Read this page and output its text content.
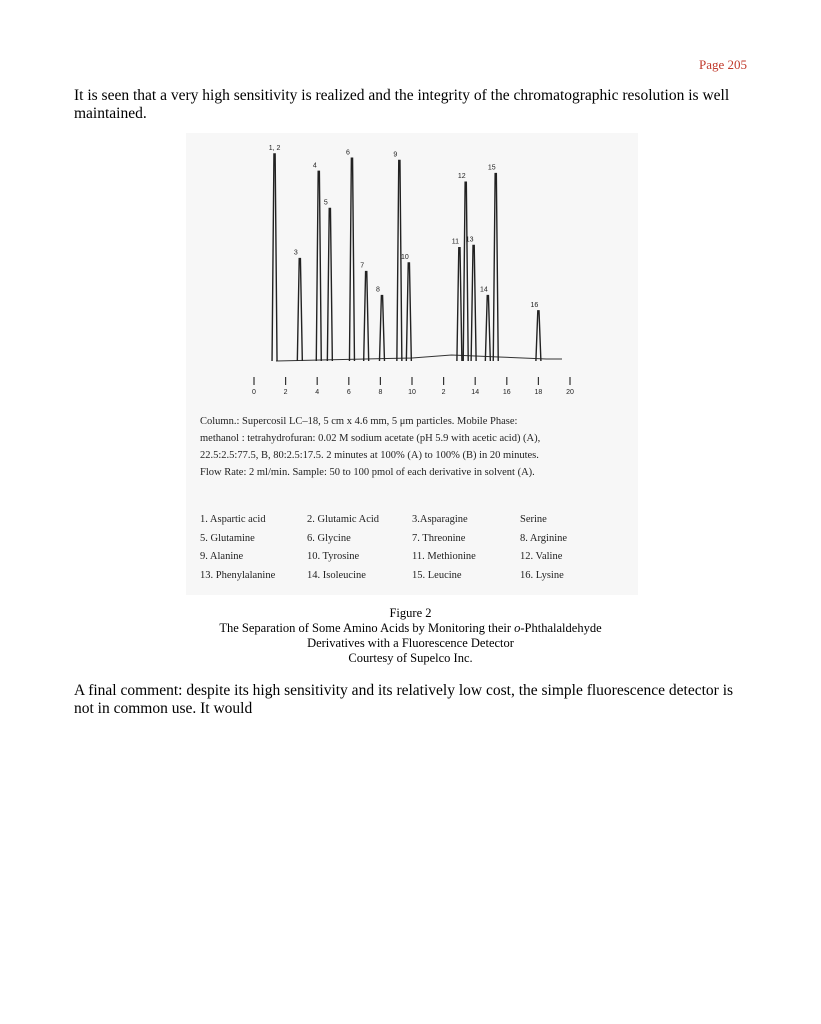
Page 205

It is seen that a very high sensitivity is realized and the integrity of the chromatographic resolution is well maintained.

1, 2
3
4
5
6
7
8
9
10
11
12
13
14
15
16
0	2	4	6	8	10	2	14	16	18	20
Column.: Supercosil LC–18, 5 cm x 4.6 mm, 5 μm particles. Mobile Phase:
methanol : tetrahydrofuran: 0.02 M sodium acetate (pH 5.9 with acetic acid) (A),
22.5:2.5:77.5, B, 80:2.5:17.5. 2 minutes at 100% (A) to 100% (B) in 20 minutes.
Flow Rate: 2 ml/min. Sample: 50 to 100 pmol of each derivative in solvent (A).
1. Aspartic acid	2. Glutamic Acid	3.Asparagine	Serine
5. Glutamine	6. Glycine	7. Threonine	8. Arginine
9. Alanine	10. Tyrosine	11. Methionine	12. Valine
13. Phenylalanine	14. Isoleucine	15. Leucine	16. Lysine
Figure 2
The Separation of Some Amino Acids by Monitoring their o-Phthalaldehyde
Derivatives with a Fluorescence Detector
Courtesy of Supelco Inc.

A final comment: despite its high sensitivity and its relatively low cost, the simple fluorescence detector is not in common use. It would
